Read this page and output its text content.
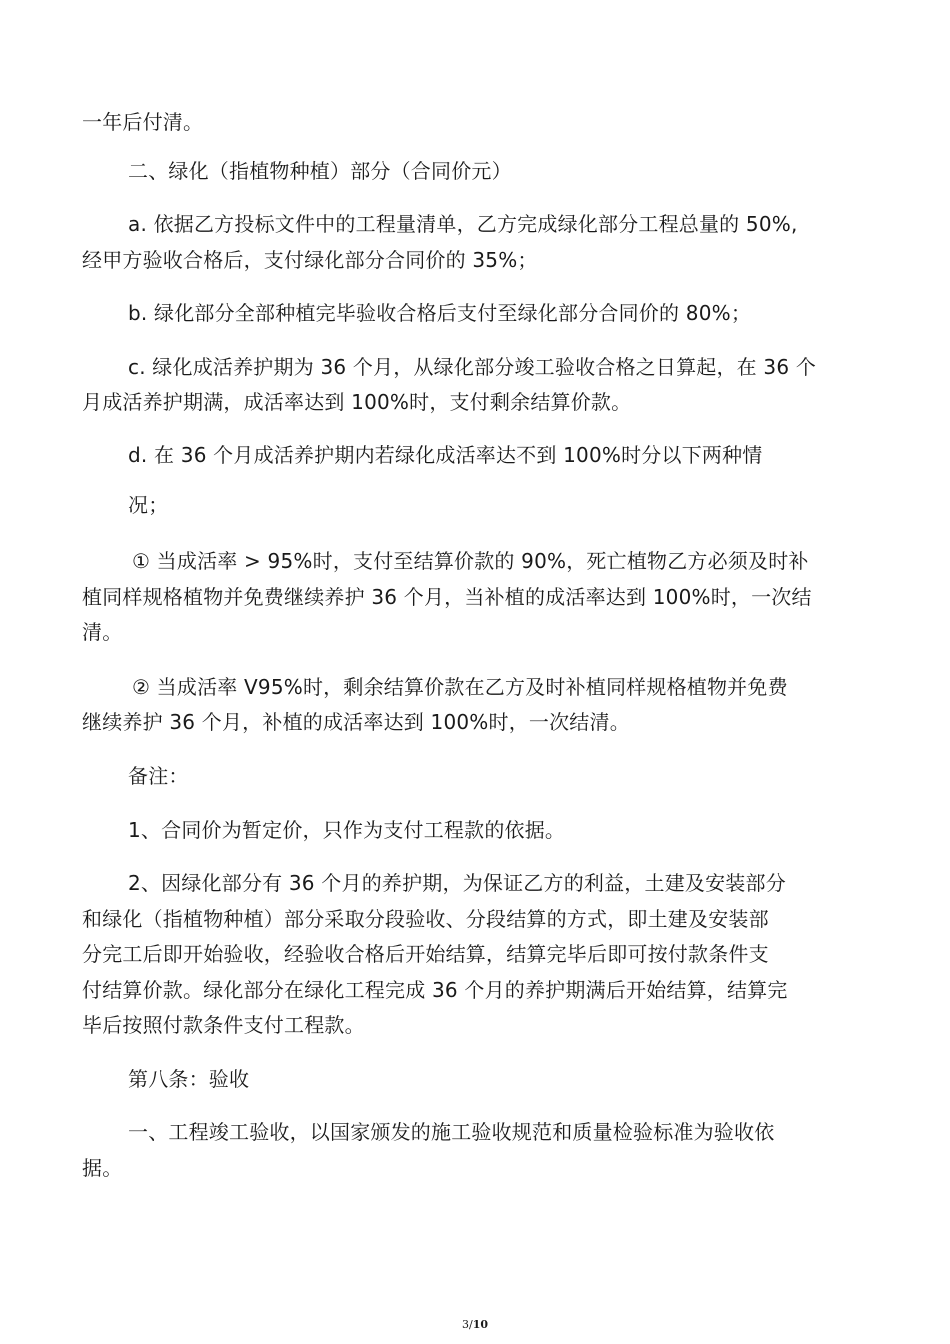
一年后付清。
二、绿化（指植物种植）部分（合同价元）
a. 依据乙方投标文件中的工程量清单，乙方完成绿化部分工程总量的 50%,
经甲方验收合格后，支付绿化部分合同价的 35%；
b. 绿化部分全部种植完毕验收合格后支付至绿化部分合同价的 80%；
c. 绿化成活养护期为 36 个月，从绿化部分竣工验收合格之日算起，在 36 个
月成活养护期满，成活率达到 100%时，支付剩余结算价款。
d. 在 36 个月成活养护期内若绿化成活率达不到 100%时分以下两种情
况；
① 当成活率 > 95%时，支付至结算价款的 90%，死亡植物乙方必须及时补
植同样规格植物并免费继续养护 36 个月，当补植的成活率达到 100%时，一次结
清。
② 当成活率 V95%时，剩余结算价款在乙方及时补植同样规格植物并免费
继续养护 36 个月，补植的成活率达到 100%时，一次结清。
备注：
1、合同价为暂定价，只作为支付工程款的依据。
2、因绿化部分有 36 个月的养护期，为保证乙方的利益，土建及安装部分
和绿化（指植物种植）部分采取分段验收、分段结算的方式，即土建及安装部
分完工后即开始验收，经验收合格后开始结算，结算完毕后即可按付款条件支
付结算价款。绿化部分在绿化工程完成 36 个月的养护期满后开始结算，结算完
毕后按照付款条件支付工程款。
第八条：验收
一、工程竣工验收，以国家颁发的施工验收规范和质量检验标准为验收依
据。
3/10
